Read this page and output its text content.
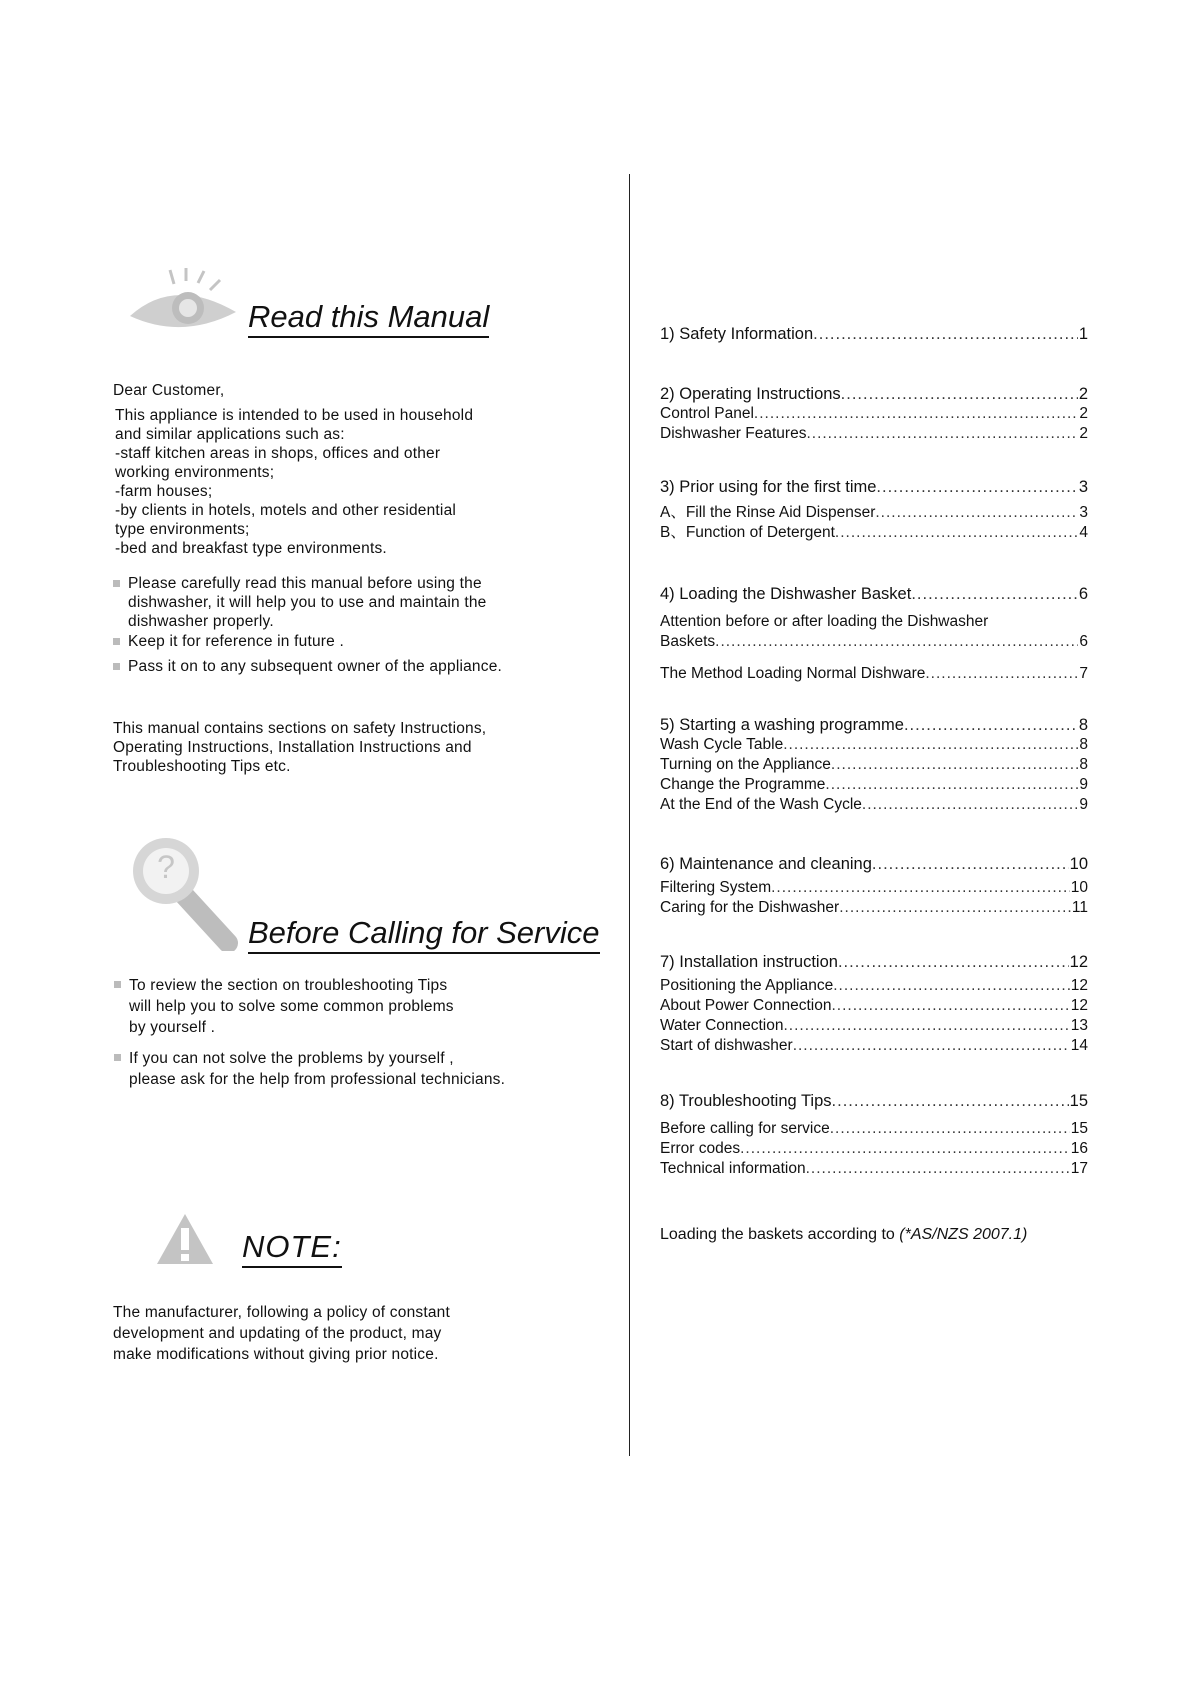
Read this Manual
Dear Customer,
This appliance is intended to be used in household
and similar applications such as:
-staff kitchen areas in shops, offices and other
working environments;
-farm houses;
-by clients in hotels, motels and other residential
type environments;
-bed and breakfast type environments.
Please carefully read this manual before using the
dishwasher, it will help you to use and maintain the
dishwasher properly.
Keep it for reference in future .
Pass it on to any subsequent owner of the appliance.
This manual contains sections on safety Instructions,
Operating Instructions, Installation Instructions and
Troubleshooting Tips etc.
?
Before Calling for Service
To review the section on troubleshooting Tips
will help you to solve some common problems
by yourself .
If you can not solve the problems by yourself ,
please ask for the help from professional technicians.
NOTE:
The manufacturer, following a policy of constant
development and updating of the product, may
make modifications without giving prior notice.
1) Safety Information .....	1
2) Operating Instructions .....	2
Control Panel .....	2
Dishwasher Features .....	2
3) Prior using for the first time .....	3
A、Fill the Rinse Aid Dispenser .....	3
B、Function of Detergent .....	4
4) Loading the Dishwasher Basket .....	6
Attention before or after loading the Dishwasher
Baskets .....	6
The Method Loading Normal Dishware .....	7
5) Starting a washing programme .....	8
Wash Cycle Table .....	8
Turning on the Appliance .....	8
Change the Programme .....	9
At the End of the Wash Cycle .....	9
6) Maintenance and cleaning .....	10
Filtering System .....	10
Caring for the Dishwasher .....	11
7) Installation instruction .....	12
Positioning the Appliance .....	12
About Power Connection .....	12
Water Connection .....	13
Start of dishwasher .....	14
8) Troubleshooting Tips .....	15
Before calling for service .....	15
Error codes .....	16
Technical information .....	17
Loading the baskets according to (*AS/NZS 2007.1)
